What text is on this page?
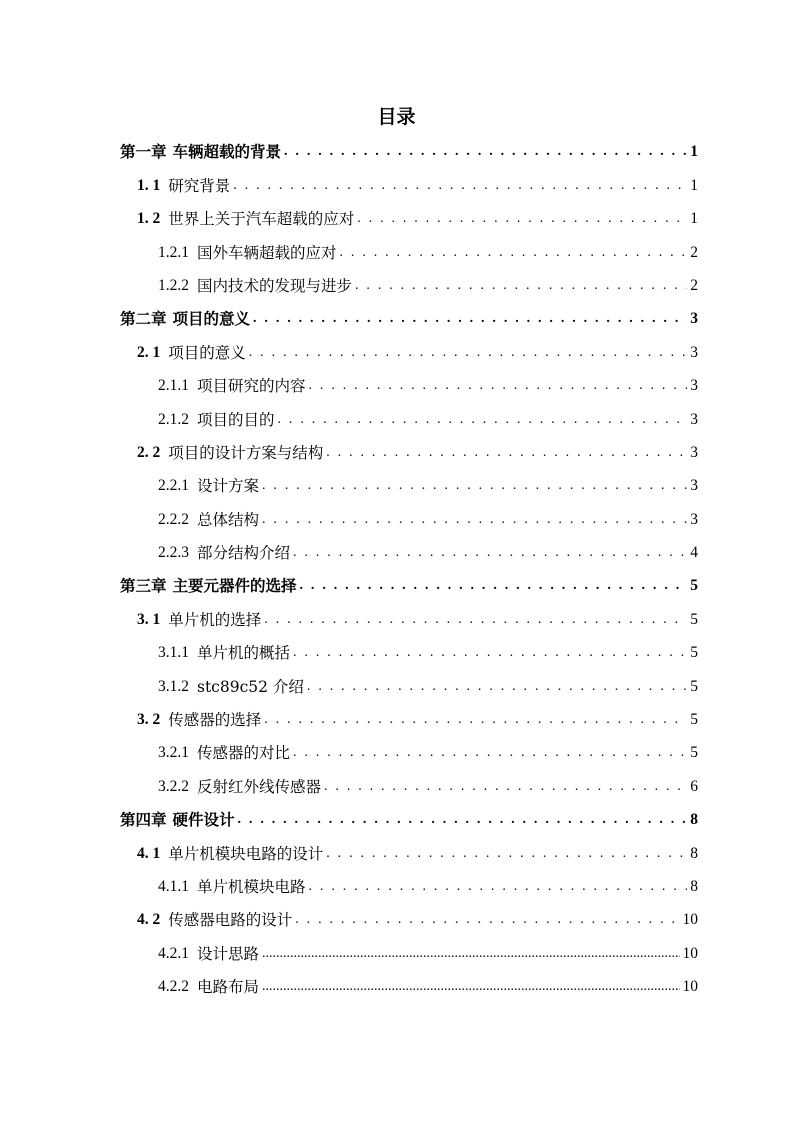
目录
第一章 车辆超载的背景 . . .	1
1. 1 研究背景 . . .	1
1. 2 世界上关于汽车超载的应对 . . .	1
1.2.1 国外车辆超载的应对 . . .	2
1.2.2 国内技术的发现与进步 . . .	2
第二章 项目的意义 . . .	3
2. 1 项目的意义 . . .	3
2.1.1 项目研究的内容 . . .	3
2.1.2 项目的目的 . . .	3
2. 2 项目的设计方案与结构 . . .	3
2.2.1 设计方案 . . .	3
2.2.2 总体结构 . . .	3
2.2.3 部分结构介绍 . . .	4
第三章 主要元器件的选择 . . .	5
3. 1 单片机的选择 . . .	5
3.1.1 单片机的概括 . . .	5
3.1.2 stc89c52 介绍 . . .	5
3. 2 传感器的选择 . . .	5
3.2.1 传感器的对比 . . .	5
3.2.2 反射红外线传感器 . . .	6
第四章 硬件设计 . . .	8
4. 1 单片机模块电路的设计 . . .	8
4.1.1 单片机模块电路 . . .	8
4. 2 传感器电路的设计 . . .	10
4.2.1 设计思路 .....	10
4.2.2 电路布局 .....	10
